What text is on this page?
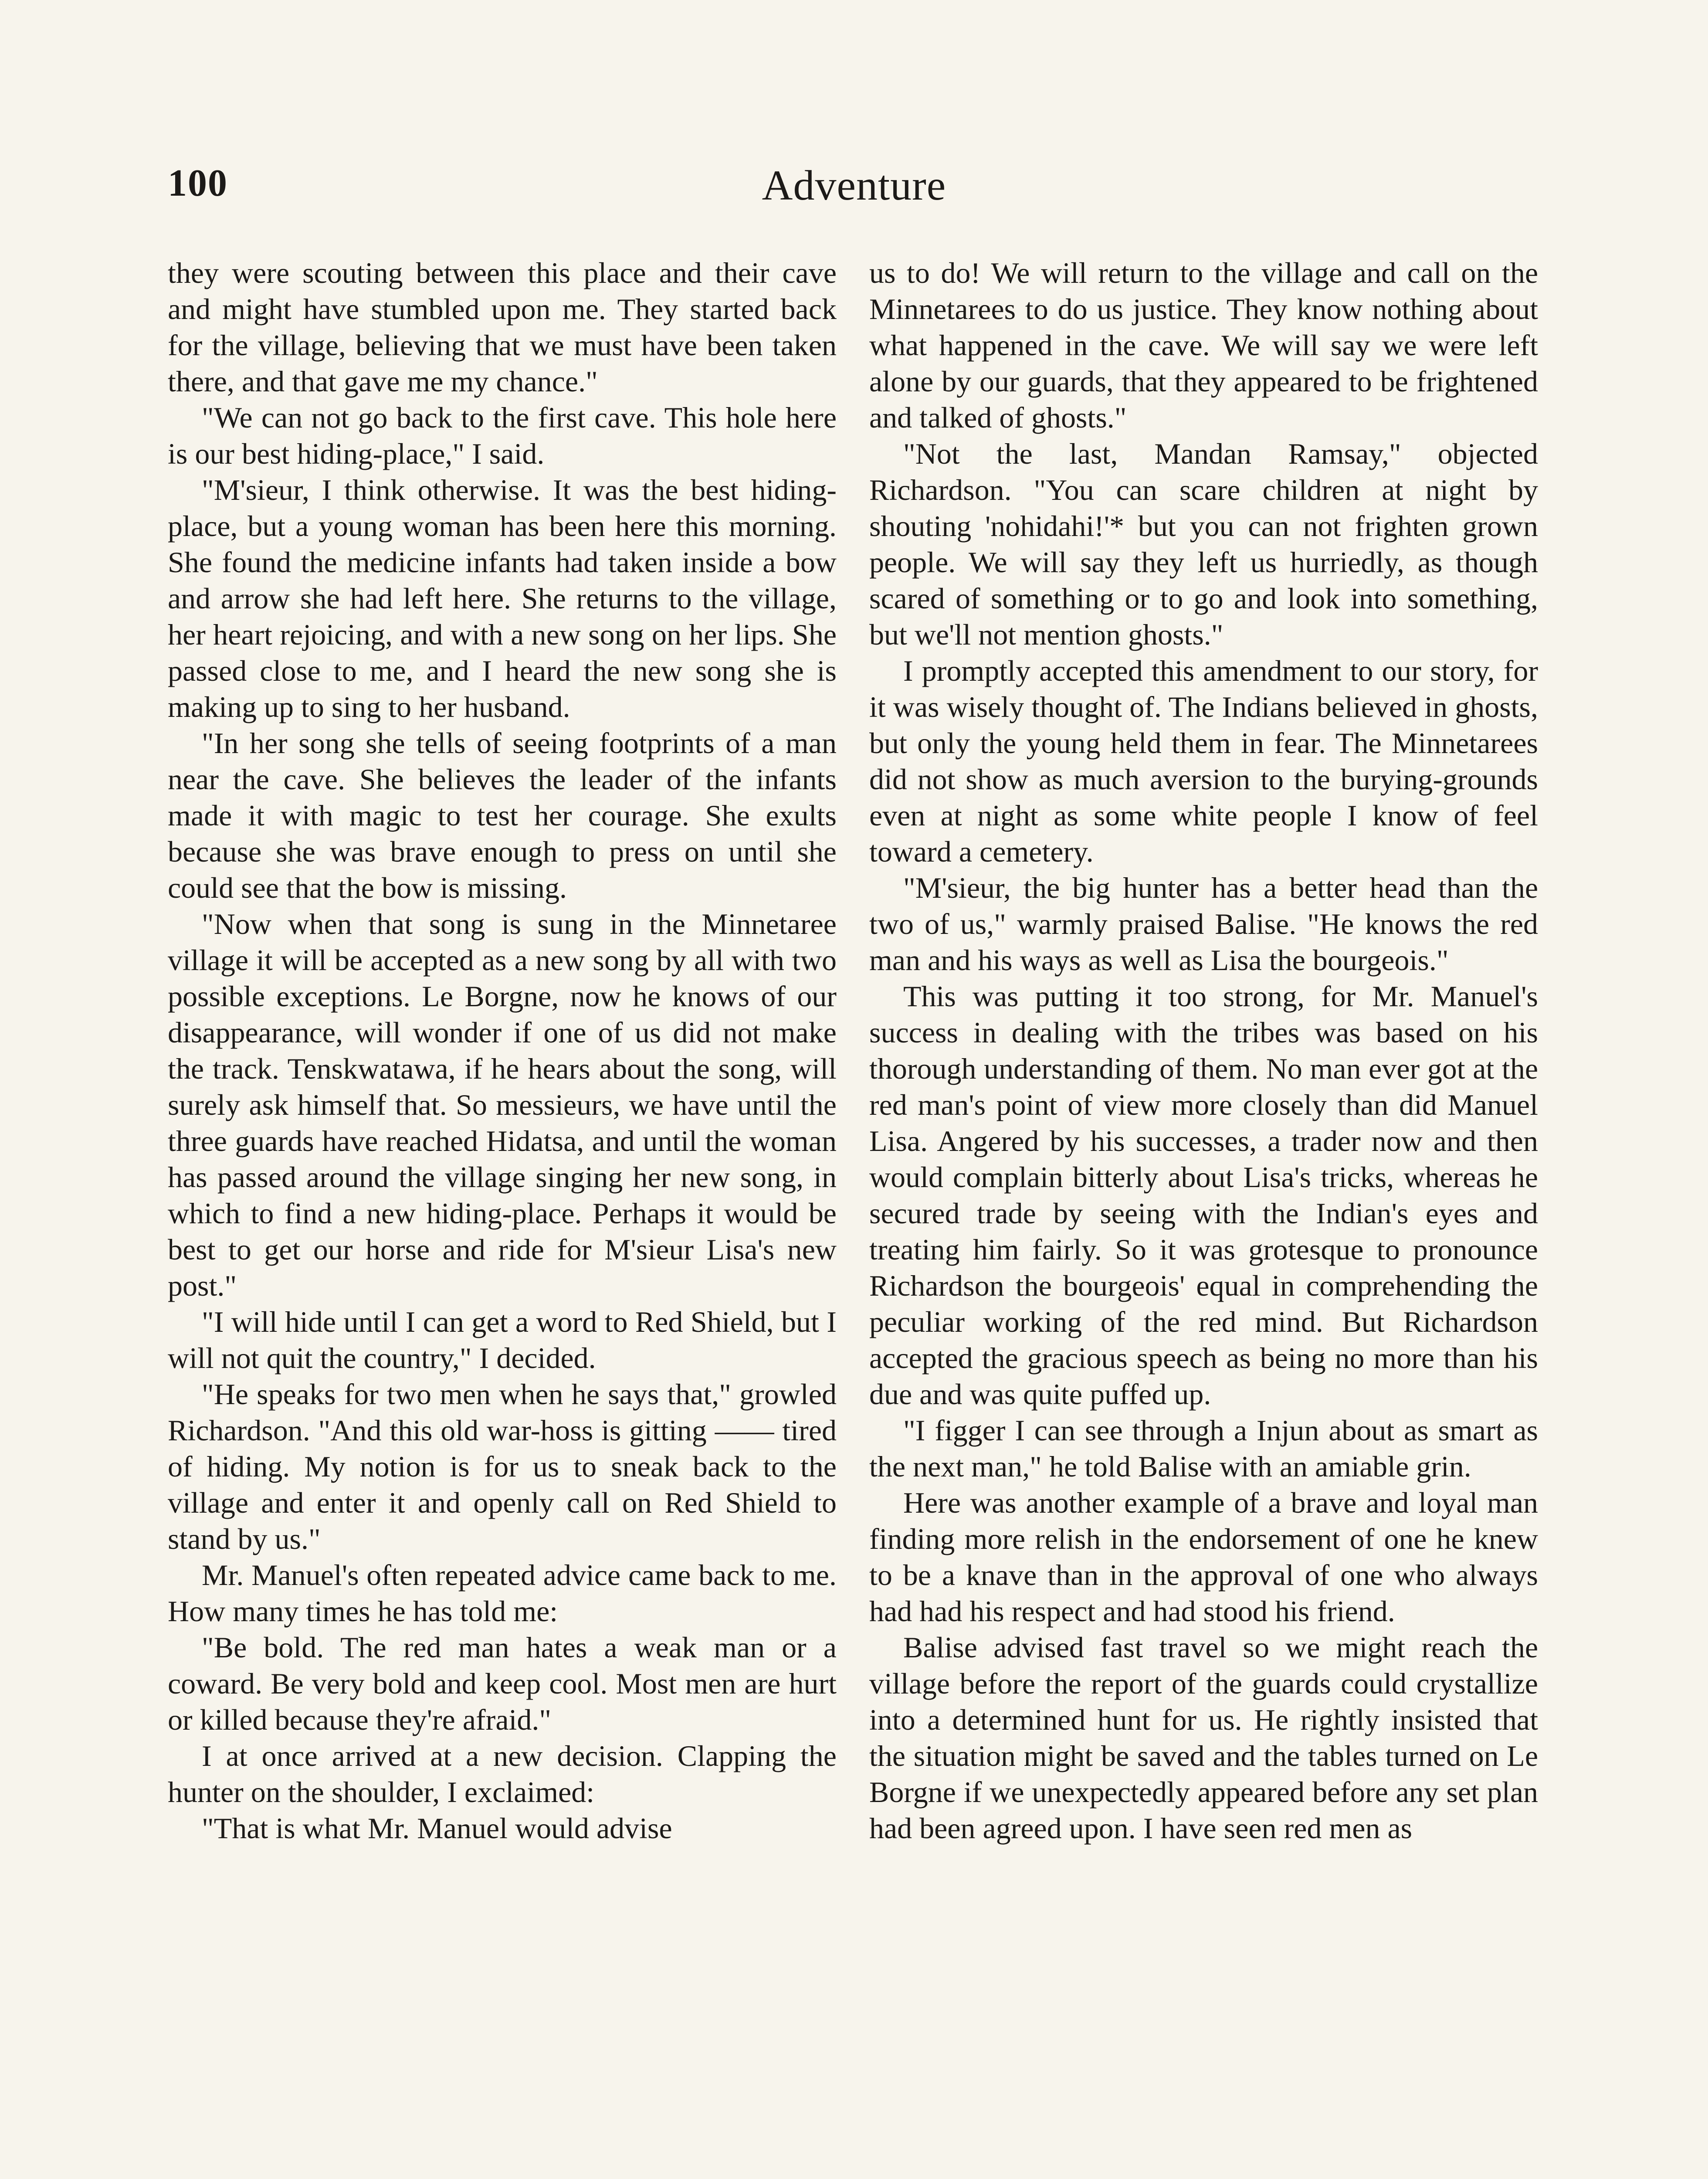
100	Adventure

they were scouting between this place and their cave and might have stumbled upon me. They started back for the village, believing that we must have been taken there, and that gave me my chance."

"We can not go back to the first cave. This hole here is our best hiding-place," I said.

"M'sieur, I think otherwise. It was the best hiding-place, but a young woman has been here this morning. She found the medicine infants had taken inside a bow and arrow she had left here. She returns to the village, her heart rejoicing, and with a new song on her lips. She passed close to me, and I heard the new song she is making up to sing to her husband.

"In her song she tells of seeing footprints of a man near the cave. She believes the leader of the infants made it with magic to test her courage. She exults because she was brave enough to press on until she could see that the bow is missing.

"Now when that song is sung in the Minnetaree village it will be accepted as a new song by all with two possible exceptions. Le Borgne, now he knows of our disappearance, will wonder if one of us did not make the track. Tenskwatawa, if he hears about the song, will surely ask himself that. So messieurs, we have until the three guards have reached Hidatsa, and until the woman has passed around the village singing her new song, in which to find a new hiding-place. Perhaps it would be best to get our horse and ride for M'sieur Lisa's new post."

"I will hide until I can get a word to Red Shield, but I will not quit the country," I decided.

"He speaks for two men when he says that," growled Richardson. "And this old war-hoss is gitting —— tired of hiding. My notion is for us to sneak back to the village and enter it and openly call on Red Shield to stand by us."

Mr. Manuel's often repeated advice came back to me. How many times he has told me:

"Be bold. The red man hates a weak man or a coward. Be very bold and keep cool. Most men are hurt or killed because they're afraid."

I at once arrived at a new decision. Clapping the hunter on the shoulder, I exclaimed:

"That is what Mr. Manuel would advise

us to do! We will return to the village and call on the Minnetarees to do us justice. They know nothing about what happened in the cave. We will say we were left alone by our guards, that they appeared to be frightened and talked of ghosts."

"Not the last, Mandan Ramsay," objected Richardson. "You can scare children at night by shouting 'nohidahi!'* but you can not frighten grown people. We will say they left us hurriedly, as though scared of something or to go and look into something, but we'll not mention ghosts."

I promptly accepted this amendment to our story, for it was wisely thought of. The Indians believed in ghosts, but only the young held them in fear. The Minnetarees did not show as much aversion to the burying-grounds even at night as some white people I know of feel toward a cemetery.

"M'sieur, the big hunter has a better head than the two of us," warmly praised Balise. "He knows the red man and his ways as well as Lisa the bourgeois."

This was putting it too strong, for Mr. Manuel's success in dealing with the tribes was based on his thorough understanding of them. No man ever got at the red man's point of view more closely than did Manuel Lisa. Angered by his successes, a trader now and then would complain bitterly about Lisa's tricks, whereas he secured trade by seeing with the Indian's eyes and treating him fairly. So it was grotesque to pronounce Richardson the bourgeois' equal in comprehending the peculiar working of the red mind. But Richardson accepted the gracious speech as being no more than his due and was quite puffed up.

"I figger I can see through a Injun about as smart as the next man," he told Balise with an amiable grin.

Here was another example of a brave and loyal man finding more relish in the endorsement of one he knew to be a knave than in the approval of one who always had had his respect and had stood his friend.

Balise advised fast travel so we might reach the village before the report of the guards could crystallize into a determined hunt for us. He rightly insisted that the situation might be saved and the tables turned on Le Borgne if we unexpectedly appeared before any set plan had been agreed upon. I have seen red men as
